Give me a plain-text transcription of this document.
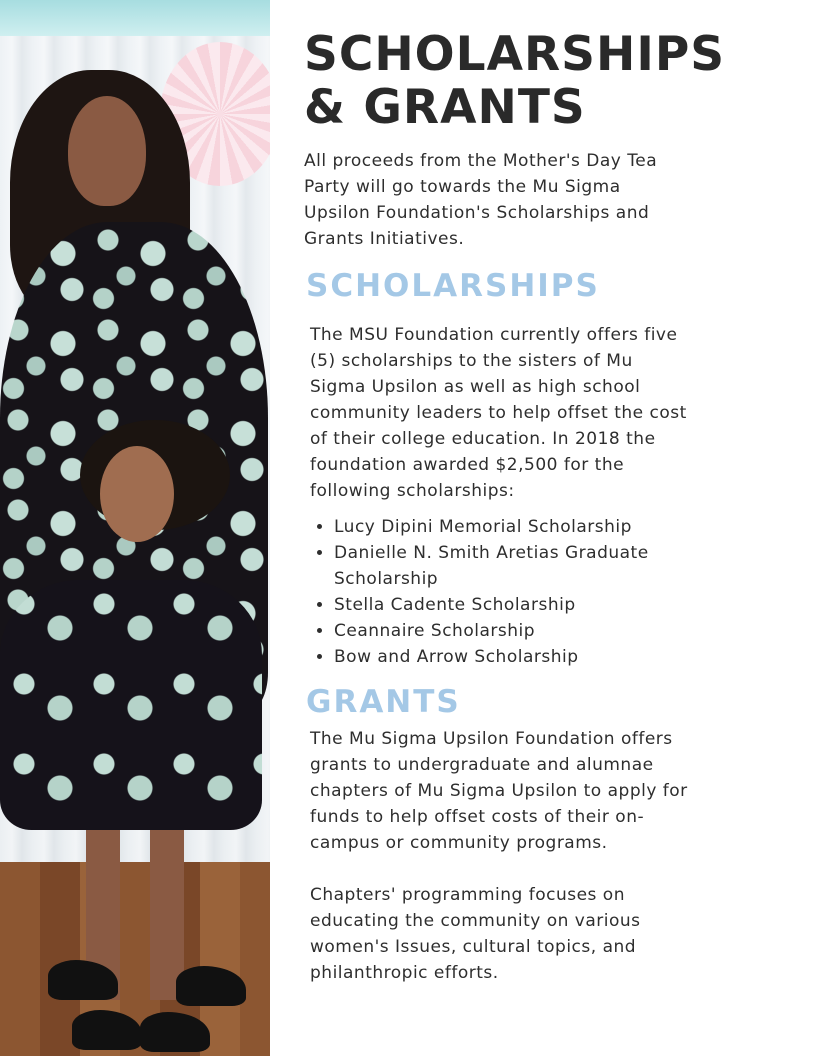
SCHOLARSHIPS
& GRANTS

All proceeds from the Mother's Day Tea Party will go towards the Mu Sigma Upsilon Foundation's Scholarships and Grants Initiatives.

SCHOLARSHIPS

The MSU Foundation currently offers five (5) scholarships to the sisters of Mu Sigma Upsilon as well as high school community leaders to help offset the cost of their college education. In 2018 the foundation awarded $2,500 for the following scholarships:

• Lucy Dipini Memorial Scholarship
• Danielle N. Smith Aretias Graduate Scholarship
• Stella Cadente Scholarship
• Ceannaire Scholarship
• Bow and Arrow Scholarship
GRANTS

The Mu Sigma Upsilon Foundation offers grants to undergraduate and alumnae chapters of Mu Sigma Upsilon to apply for funds to help offset costs of their on-campus or community programs.

Chapters' programming focuses on educating the community on various women's Issues, cultural topics, and philanthropic efforts.
